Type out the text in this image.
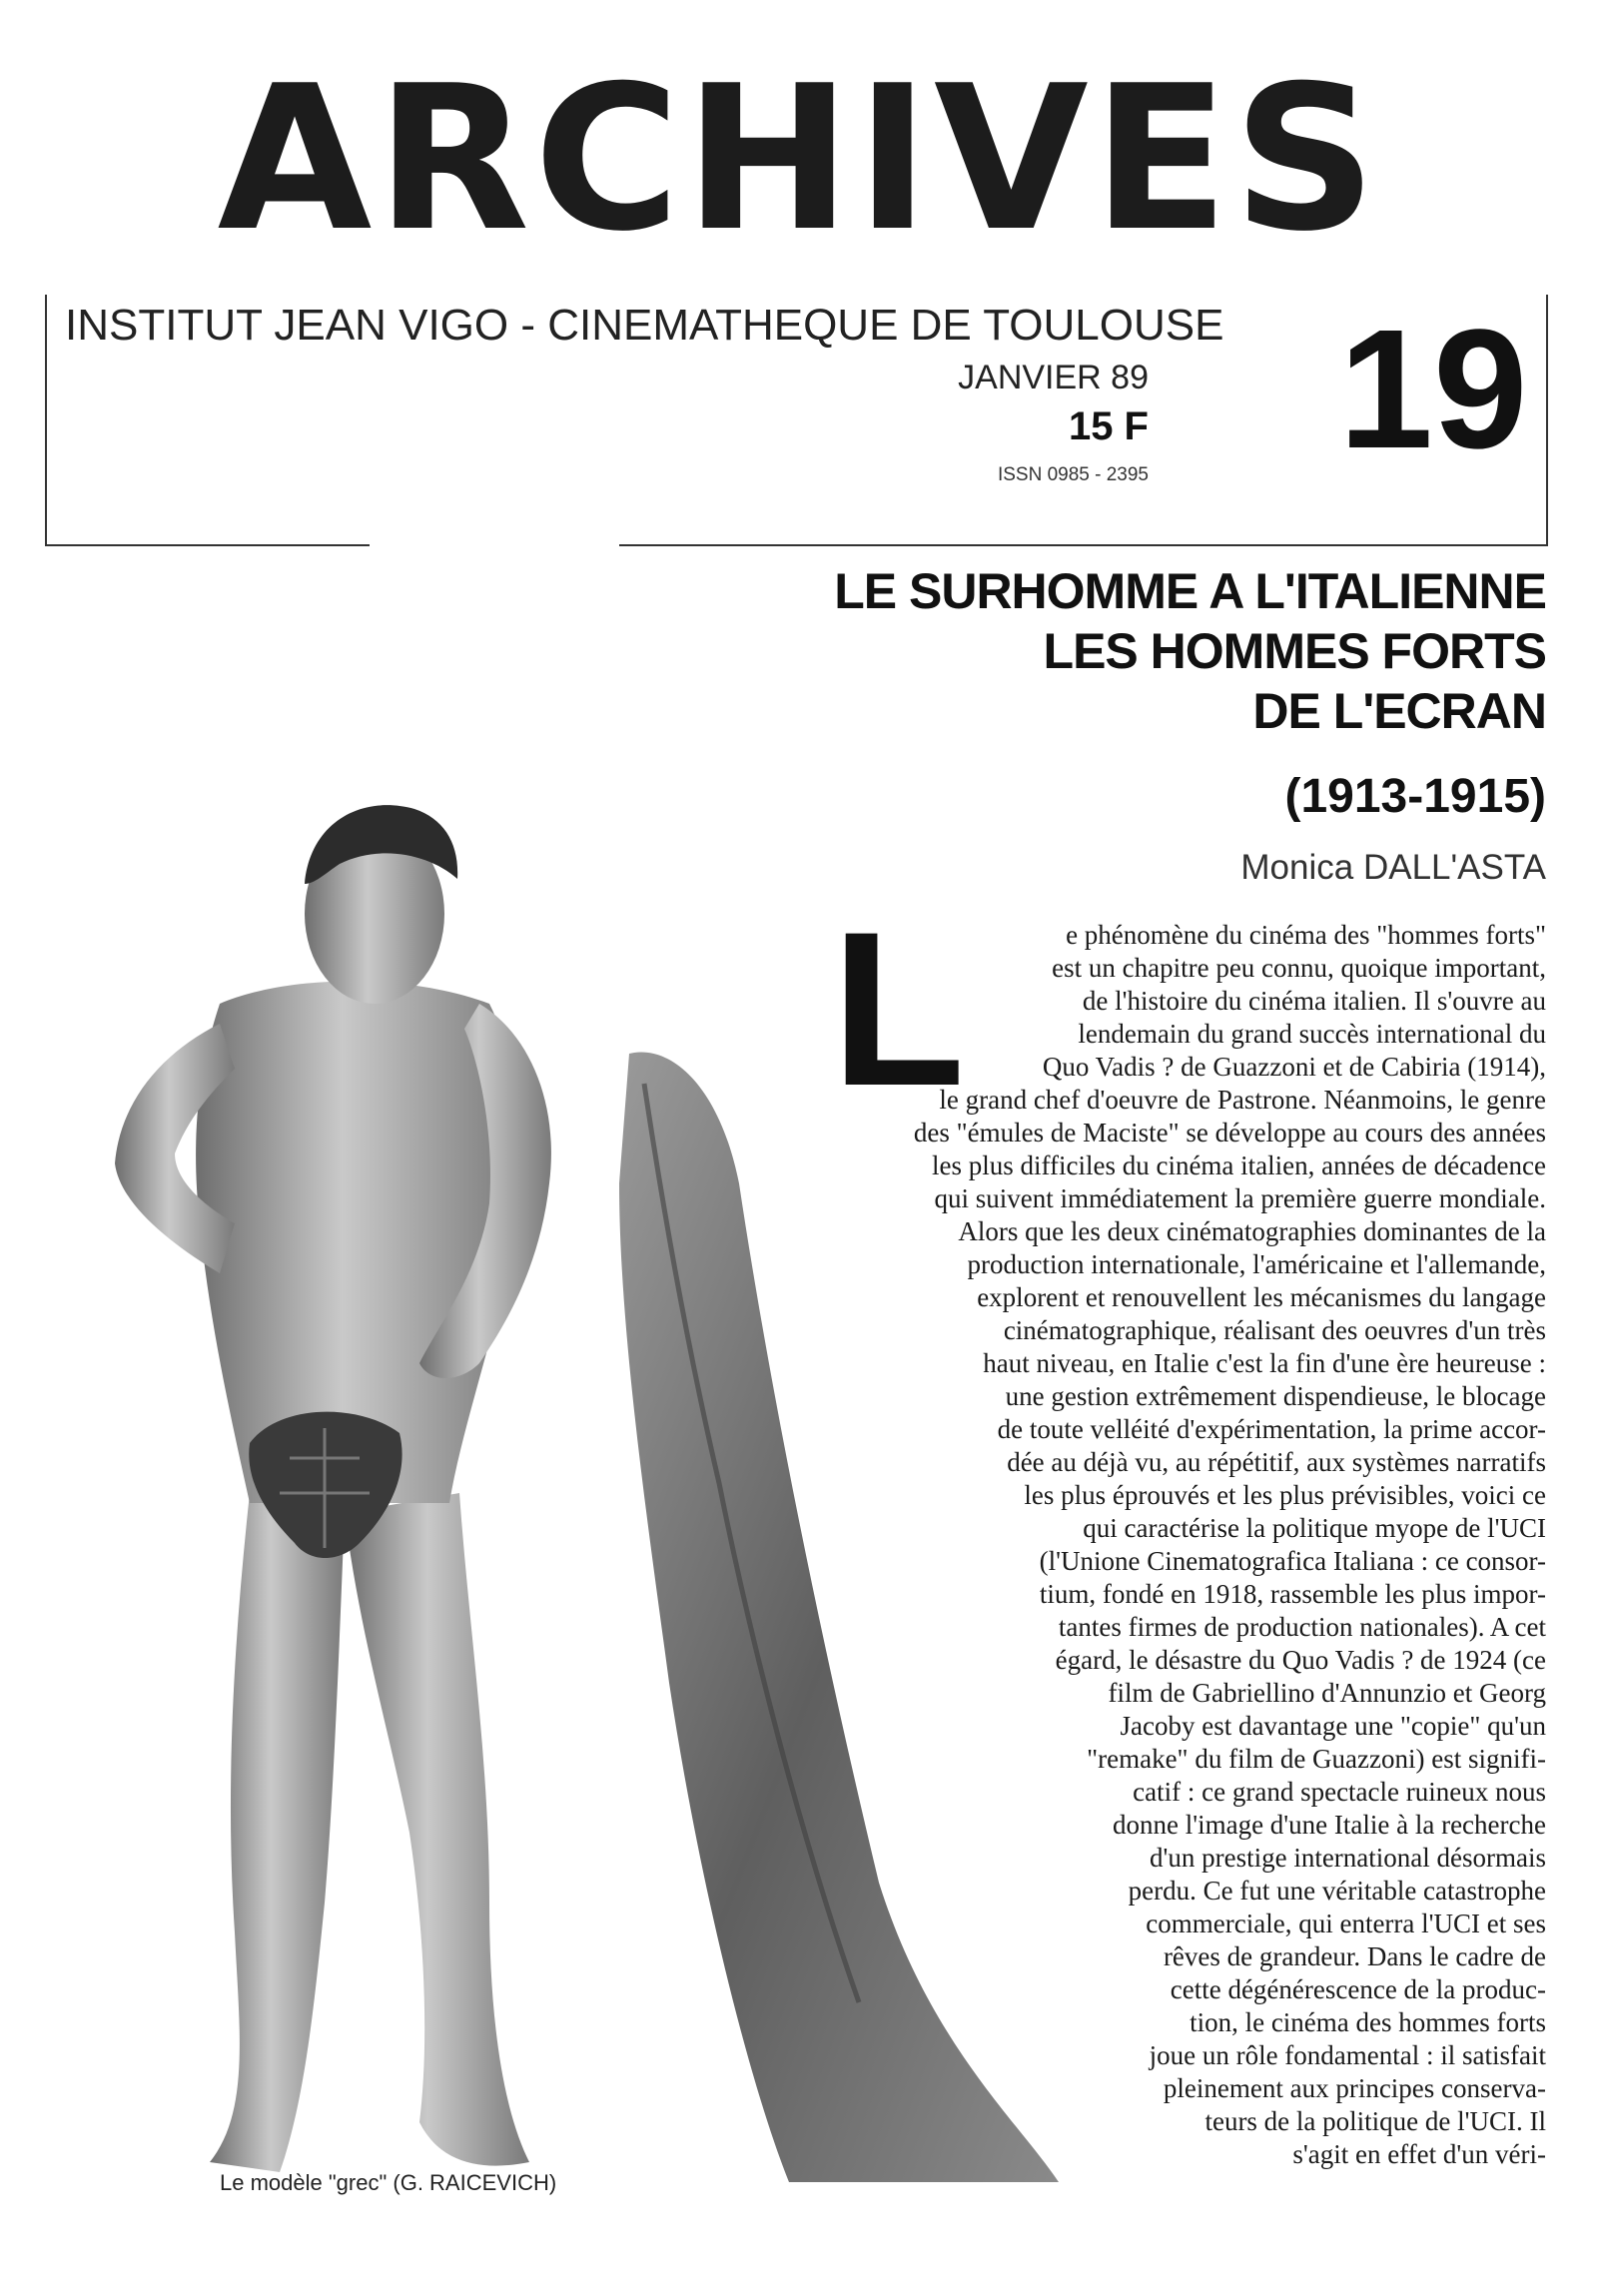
ARCHIVES
INSTITUT JEAN VIGO - CINEMATHEQUE DE TOULOUSE
JANVIER 89
15 F
ISSN 0985 - 2395 19
Le modèle "grec" (G. RAICEVICH)
LE SURHOMME A L'ITALIENNE
LES HOMMES FORTS
DE L'ECRAN
(1913-1915)
Monica DALL'ASTA
L	e phénomène du cinéma des "hommes forts"
est un chapitre peu connu, quoique important,
de l'histoire du cinéma italien. Il s'ouvre au
lendemain du grand succès international du
Quo Vadis ? de Guazzoni et de Cabiria (1914),
le grand chef d'oeuvre de Pastrone. Néanmoins, le genre
des "émules de Maciste" se développe au cours des années
les plus difficiles du cinéma italien, années de décadence
qui suivent immédiatement la première guerre mondiale.
Alors que les deux cinématographies dominantes de la
production internationale, l'américaine et l'allemande,
explorent et renouvellent les mécanismes du langage
cinématographique, réalisant des oeuvres d'un très
haut niveau, en Italie c'est la fin d'une ère heureuse :
une gestion extrêmement dispendieuse, le blocage
de toute velléité d'expérimentation, la prime accor-
dée au déjà vu, au répétitif, aux systèmes narratifs
les plus éprouvés et les plus prévisibles, voici ce
qui caractérise la politique myope de l'UCI
(l'Unione Cinematografica Italiana : ce consor-
tium, fondé en 1918, rassemble les plus impor-
tantes firmes de production nationales). A cet
égard, le désastre du Quo Vadis ? de 1924 (ce
film de Gabriellino d'Annunzio et Georg
Jacoby est davantage une "copie" qu'un
"remake" du film de Guazzoni) est signifi-
catif : ce grand spectacle ruineux nous
donne l'image d'une Italie à la recherche
d'un prestige international désormais
perdu. Ce fut une véritable catastrophe
commerciale, qui enterra l'UCI et ses
rêves de grandeur. Dans le cadre de
cette dégénérescence de la produc-
tion, le cinéma des hommes forts
joue un rôle fondamental : il satisfait
pleinement aux principes conserva-
teurs de la politique de l'UCI. Il
s'agit en effet d'un véri-
